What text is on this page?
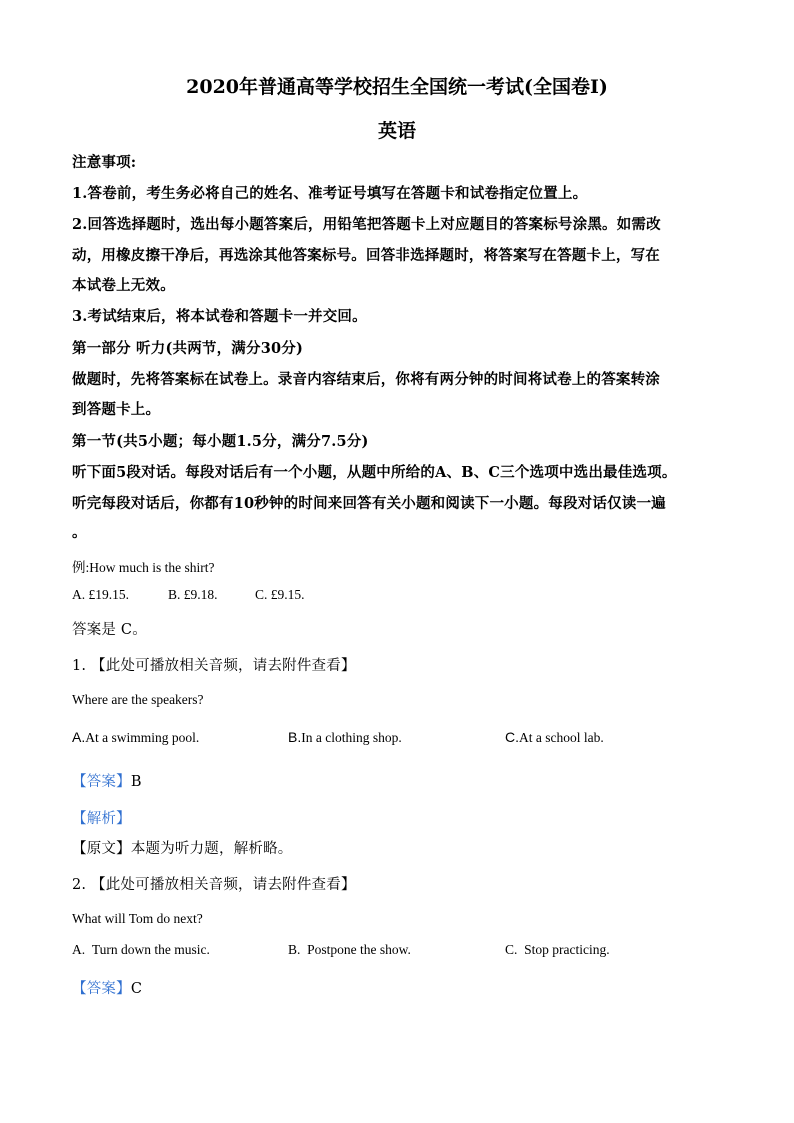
2020年普通高等学校招生全国统一考试(全国卷I)
英语
注意事项:
1.答卷前，考生务必将自己的姓名、准考证号填写在答题卡和试卷指定位置上。
2.回答选择题时，选出每小题答案后，用铅笔把答题卡上对应题目的答案标号涂黑。如需改
动，用橡皮擦干净后，再选涂其他答案标号。回答非选择题时，将答案写在答题卡上，写在
本试卷上无效。
3.考试结束后，将本试卷和答题卡一并交回。
第一部分 听力(共两节，满分30分)
做题时，先将答案标在试卷上。录音内容结束后，你将有两分钟的时间将试卷上的答案转涂
到答题卡上。
第一节(共5小题；每小题1.5分，满分7.5分)
听下面5段对话。每段对话后有一个小题，从题中所给的A、B、C三个选项中选出最佳选项。
听完每段对话后，你都有10秒钟的时间来回答有关小题和阅读下一小题。每段对话仅读一遍
。
例:How much is the shirt?
A. £19.15.	B. £9.18.	C. £9.15.
答案是 C。
1. 【此处可播放相关音频，请去附件查看】
Where are the speakers?
A.At a swimming pool.	B.In a clothing shop.	C.At a school lab.
【答案】B
【解析】
【原文】本题为听力题，解析略。
2. 【此处可播放相关音频，请去附件查看】
What will Tom do next?
A. Turn down the music.	B. Postpone the show.	C. Stop practicing.
【答案】C
